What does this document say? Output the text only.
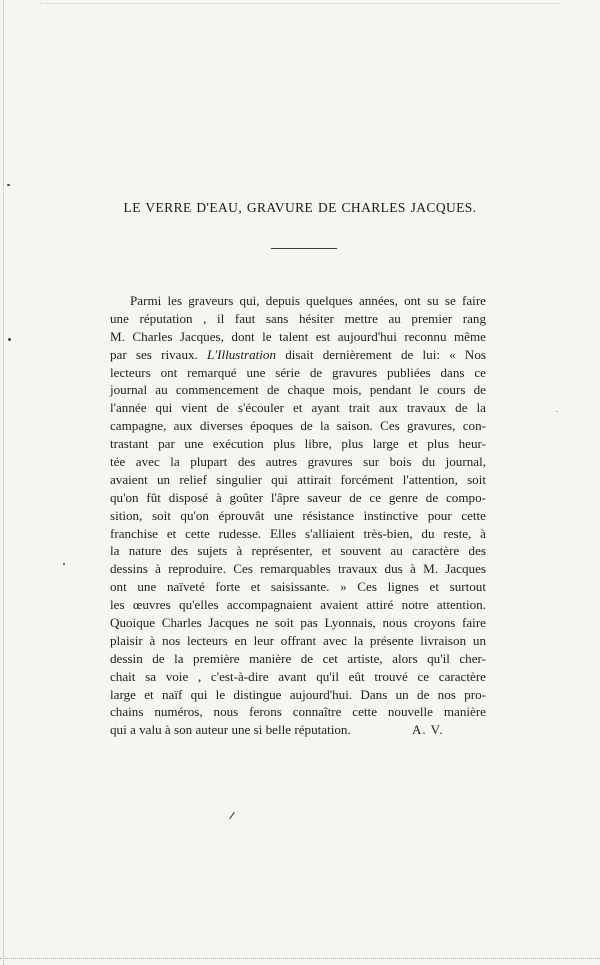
LE VERRE D'EAU, GRAVURE DE CHARLES JACQUES.
Parmi les graveurs qui, depuis quelques années, ont su se faire
une réputation , il faut sans hésiter mettre au premier rang
M. Charles Jacques, dont le talent est aujourd'hui reconnu même
par ses rivaux. L'Illustration disait dernièrement de lui: « Nos
lecteurs ont remarqué une série de gravures publiées dans ce
journal au commencement de chaque mois, pendant le cours de
l'année qui vient de s'écouler et ayant trait aux travaux de la
campagne, aux diverses époques de la saison. Ces gravures, con-
trastant par une exécution plus libre, plus large et plus heur-
tée avec la plupart des autres gravures sur bois du journal,
avaient un relief singulier qui attirait forcément l'attention, soit
qu'on fût disposé à goûter l'âpre saveur de ce genre de compo-
sition, soit qu'on éprouvât une résistance instinctive pour cette
franchise et cette rudesse. Elles s'alliaient très-bien, du reste, à
la nature des sujets à représenter, et souvent au caractère des
dessins à reproduire. Ces remarquables travaux dus à M. Jacques
ont une naïveté forte et saisissante. » Ces lignes et surtout
les œuvres qu'elles accompagnaient avaient attiré notre attention.
Quoique Charles Jacques ne soit pas Lyonnais, nous croyons faire
plaisir à nos lecteurs en leur offrant avec la présente livraison un
dessin de la première manière de cet artiste, alors qu'il cher-
chait sa voie , c'est-à-dire avant qu'il eût trouvé ce caractère
large et naïf qui le distingue aujourd'hui. Dans un de nos pro-
chains numéros, nous ferons connaître cette nouvelle manière
qui a valu à son auteur une si belle réputation.	A. V.
